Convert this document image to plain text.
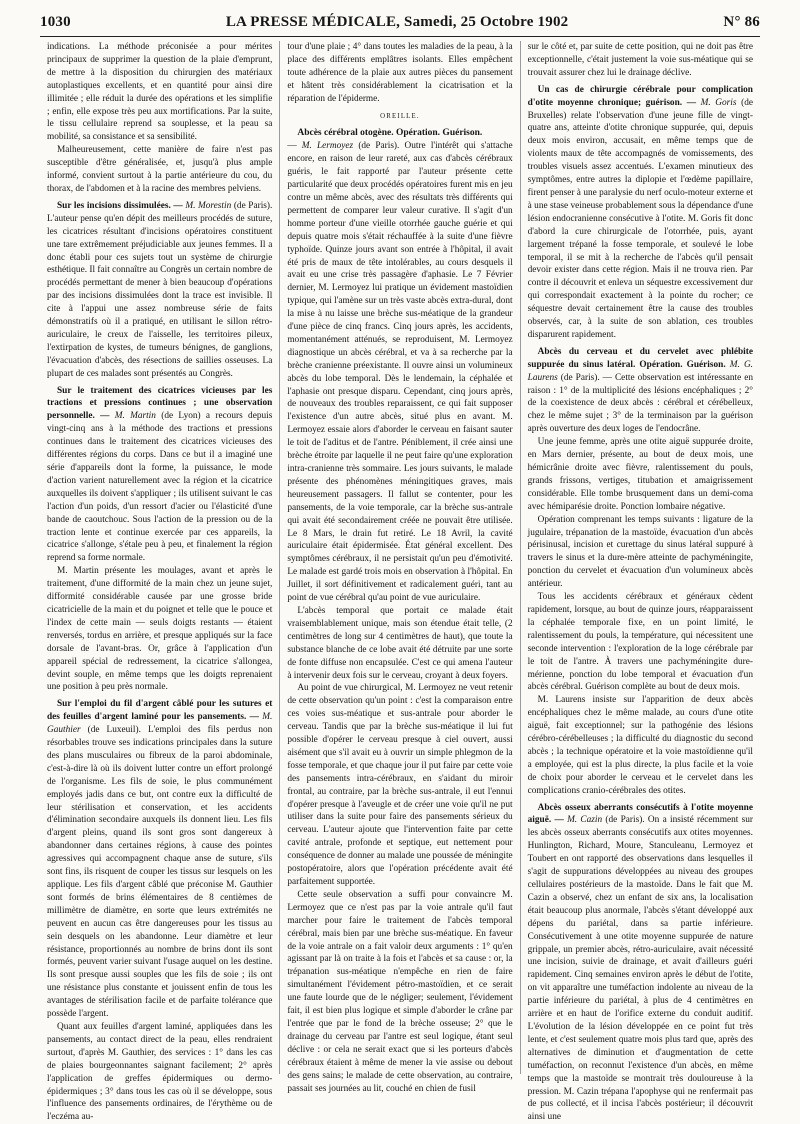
1030	LA PRESSE MÉDICALE, Samedi, 25 Octobre 1902	N° 86

indications. La méthode préconisée a pour mérites principaux de supprimer la question de la plaie d'emprunt, de mettre à la disposition du chirurgien des matériaux autoplastiques excellents, et en quantité pour ainsi dire illimitée ; elle réduit la durée des opérations et les simplifie ; enfin, elle expose très peu aux mortifications. Par la suite, le tissu cellulaire reprend sa souplesse, et la peau sa mobilité, sa consistance et sa sensibilité.

Malheureusement, cette manière de faire n'est pas susceptible d'être généralisée, et, jusqu'à plus ample informé, convient surtout à la partie antérieure du cou, du thorax, de l'abdomen et à la racine des membres pelviens.

Sur les incisions dissimulées. — M. Morestin (de Paris). L'auteur pense qu'en dépit des meilleurs procédés de suture, les cicatrices résultant d'incisions opératoires constituent une tare extrêmement préjudiciable aux jeunes femmes. Il a donc établi pour ces sujets tout un système de chirurgie esthétique. Il fait connaître au Congrès un certain nombre de procédés permettant de mener à bien beaucoup d'opérations par des incisions dissimulées dont la trace est invisible. Il cite à l'appui une assez nombreuse série de faits démonstratifs où il a pratiqué, en utilisant le sillon rétro-auriculaire, le creux de l'aisselle, les territoires pileux, l'extirpation de kystes, de tumeurs bénignes, de ganglions, l'évacuation d'abcès, des résections de saillies osseuses. La plupart de ces malades sont présentés au Congrès.

Sur le traitement des cicatrices vicieuses par les tractions et pressions continues ; une observation personnelle. — M. Martin (de Lyon) a recours depuis vingt-cinq ans à la méthode des tractions et pressions continues dans le traitement des cicatrices vicieuses des différentes régions du corps. Dans ce but il a imaginé une série d'appareils dont la forme, la puissance, le mode d'action varient naturellement avec la région et la cicatrice auxquelles ils doivent s'appliquer ; ils utilisent suivant le cas l'action d'un poids, d'un ressort d'acier ou l'élasticité d'une bande de caoutchouc. Sous l'action de la pression ou de la traction lente et continue exercée par ces appareils, la cicatrice s'allonge, s'étale peu à peu, et finalement la région reprend sa forme normale.

M. Martin présente les moulages, avant et après le traitement, d'une difformité de la main chez un jeune sujet, difformité considérable causée par une grosse bride cicatricielle de la main et du poignet et telle que le pouce et l'index de cette main — seuls doigts restants — étaient renversés, tordus en arrière, et presque appliqués sur la face dorsale de l'avant-bras. Or, grâce à l'application d'un appareil spécial de redressement, la cicatrice s'allongea, devint souple, en même temps que les doigts reprenaient une position à peu près normale.

Sur l'emploi du fil d'argent câblé pour les sutures et des feuilles d'argent laminé pour les pansements. — M. Gauthier (de Luxeuil). L'emploi des fils perdus non résorbables trouve ses indications principales dans la suture des plans musculaires ou fibreux de la paroi abdominale, c'est-à-dire là où ils doivent lutter contre un effort prolongé de l'organisme. Les fils de soie, le plus communément employés jadis dans ce but, ont contre eux la difficulté de leur stérilisation et conservation, et les accidents d'élimination secondaire auxquels ils donnent lieu. Les fils d'argent pleins, quand ils sont gros sont dangereux à abandonner dans certaines régions, à cause des pointes agressives qui accompagnent chaque anse de suture, s'ils sont fins, ils risquent de couper les tissus sur lesquels on les applique. Les fils d'argent câblé que préconise M. Gauthier sont formés de brins élémentaires de 8 centièmes de millimètre de diamètre, en sorte que leurs extrémités ne peuvent en aucun cas être dangereuses pour les tissus au sein desquels on les abandonne. Leur diamètre et leur résistance, proportionnés au nombre de brins dont ils sont formés, peuvent varier suivant l'usage auquel on les destine. Ils sont presque aussi souples que les fils de soie ; ils ont une résistance plus constante et jouissent enfin de tous les avantages de stérilisation facile et de parfaite tolérance que possède l'argent.

Quant aux feuilles d'argent laminé, appliquées dans les pansements, au contact direct de la peau, elles rendraient surtout, d'après M. Gauthier, des services : 1° dans les cas de plaies bourgeonnantes saignant facilement; 2° après l'application de greffes épidermiques ou dermo-épidermiques ; 3° dans tous les cas où il se développe, sous l'influence des pansements ordinaires, de l'érythème ou de l'eczéma au-

tour d'une plaie ; 4° dans toutes les maladies de la peau, à la place des différents emplâtres isolants. Elles empêchent toute adhérence de la plaie aux autres pièces du pansement et hâtent très considérablement la cicatrisation et la réparation de l'épiderme.

OREILLE.

Abcès cérébral otogène. Opération. Guérison.

— M. Lermoyez (de Paris). Outre l'intérêt qui s'attache encore, en raison de leur rareté, aux cas d'abcès cérébraux guéris, le fait rapporté par l'auteur présente cette particularité que deux procédés opératoires furent mis en jeu contre un même abcès, avec des résultats très différents qui permettent de comparer leur valeur curative. Il s'agit d'un homme porteur d'une vieille otorrhée gauche guérie et qui depuis quatre mois s'était réchauffée à la suite d'une fièvre typhoïde. Quinze jours avant son entrée à l'hôpital, il avait été pris de maux de tête intolérables, au cours desquels il avait eu une crise très passagère d'aphasie. Le 7 Février dernier, M. Lermoyez lui pratique un évidement mastoïdien typique, qui l'amène sur un très vaste abcès extra-dural, dont la mise à nu laisse une brèche sus-méatique de la grandeur d'une pièce de cinq francs. Cinq jours après, les accidents, momentanément atténués, se reproduisent, M. Lermoyez diagnostique un abcès cérébral, et va à sa recherche par la brèche cranienne préexistante. Il ouvre ainsi un volumineux abcès du lobe temporal. Dès le lendemain, la céphalée et l'aphasie ont presque disparu. Cependant, cinq jours après, de nouveaux des troubles reparaissent, ce qui fait supposer l'existence d'un autre abcès, situé plus en avant. M. Lermoyez essaie alors d'aborder le cerveau en faisant sauter le toit de l'aditus et de l'antre. Péniblement, il crée ainsi une brèche étroite par laquelle il ne peut faire qu'une exploration intra-cranienne très sommaire. Les jours suivants, le malade présente des phénomènes méningitiques graves, mais heureusement passagers. Il fallut se contenter, pour les pansements, de la voie temporale, car la brèche sus-antrale qui avait été secondairement créée ne pouvait être utilisée. Le 8 Mars, le drain fut retiré. Le 18 Avril, la cavité auriculaire était épidermisée. État général excellent. Des symptômes cérébraux, il ne persistait qu'un peu d'émotivité. Le malade est gardé trois mois en observation à l'hôpital. En Juillet, il sort définitivement et radicalement guéri, tant au point de vue cérébral qu'au point de vue auriculaire.

L'abcès temporal que portait ce malade était vraisemblablement unique, mais son étendue était telle, (2 centimètres de long sur 4 centimètres de haut), que toute la substance blanche de ce lobe avait été détruite par une sorte de fonte diffuse non encapsulée. C'est ce qui amena l'auteur à intervenir deux fois sur le cerveau, croyant à deux foyers.

Au point de vue chirurgical, M. Lermoyez ne veut retenir de cette observation qu'un point : c'est la comparaison entre ces voies sus-méatique et sus-antrale pour aborder le cerveau. Tandis que par la brèche sus-méatique il lui fut possible d'opérer le cerveau presque à ciel ouvert, aussi aisément que s'il avait eu à ouvrir un simple phlegmon de la fosse temporale, et que chaque jour il put faire par cette voie des pansements intra-cérébraux, en s'aidant du miroir frontal, au contraire, par la brèche sus-antrale, il eut l'ennui d'opérer presque à l'aveugle et de créer une voie qu'il ne put utiliser dans la suite pour faire des pansements sérieux du cerveau. L'auteur ajoute que l'intervention faite par cette cavité antrale, profonde et septique, eut nettement pour conséquence de donner au malade une poussée de méningite postopératoire, alors que l'opération précédente avait été parfaitement supportée.

Cette seule observation a suffi pour convaincre M. Lermoyez que ce n'est pas par la voie antrale qu'il faut marcher pour faire le traitement de l'abcès temporal cérébral, mais bien par une brèche sus-méatique. En faveur de la voie antrale on a fait valoir deux arguments : 1° qu'en agissant par là on traite à la fois et l'abcès et sa cause : or, la trépanation sus-méatique n'empêche en rien de faire simultanément l'évidement pétro-mastoïdien, et ce serait une faute lourde que de le négliger; seulement, l'évidement fait, il est bien plus logique et simple d'aborder le crâne par l'entrée que par le fond de la brèche osseuse; 2° que le drainage du cerveau par l'antre est seul logique, étant seul déclive : or cela ne serait exact que si les porteurs d'abcès cérébraux étaient à même de mener la vie assise ou debout des gens sains; le malade de cette observation, au contraire, passait ses journées au lit, couché en chien de fusil

sur le côté et, par suite de cette position, qui ne doit pas être exceptionnelle, c'était justement la voie sus-méatique qui se trouvait assurer chez lui le drainage déclive.

Un cas de chirurgie cérébrale pour complication d'otite moyenne chronique; guérison. — M. Goris (de Bruxelles) relate l'observation d'une jeune fille de vingt-quatre ans, atteinte d'otite chronique suppurée, qui, depuis deux mois environ, accusait, en même temps que de violents maux de tête accompagnés de vomissements, des troubles visuels assez accentués. L'examen minutieux des symptômes, entre autres la diplopie et l'œdème papillaire, firent penser à une paralysie du nerf oculo-moteur externe et à une stase veineuse probablement sous la dépendance d'une lésion endocranienne consécutive à l'otite. M. Goris fit donc d'abord la cure chirurgicale de l'otorrhée, puis, ayant largement trépané la fosse temporale, et soulevé le lobe temporal, il se mit à la recherche de l'abcès qu'il pensait devoir exister dans cette région. Mais il ne trouva rien. Par contre il découvrit et enleva un séquestre excessivement dur qui correspondait exactement à la pointe du rocher; ce séquestre devait certainement être la cause des troubles observés, car, à la suite de son ablation, ces troubles disparurent rapidement.

Abcès du cerveau et du cervelet avec phlébite suppurée du sinus latéral. Opération. Guérison. M. G. Laurens (de Paris). — Cette observation est intéressante en raison : 1° de la multiplicité des lésions encéphaliques ; 2° de la coexistence de deux abcès : cérébral et cérébelleux, chez le même sujet ; 3° de la terminaison par la guérison après ouverture des deux loges de l'endocrâne.

Une jeune femme, après une otite aiguë suppurée droite, en Mars dernier, présente, au bout de deux mois, une hémicrânie droite avec fièvre, ralentissement du pouls, grands frissons, vertiges, titubation et amaigrissement considérable. Elle tombe brusquement dans un demi-coma avec hémiparésie droite. Ponction lombaire négative.

Opération comprenant les temps suivants : ligature de la jugulaire, trépanation de la mastoïde, évacuation d'un abcès périsinusal, incision et curettage du sinus latéral suppuré à travers le sinus et la dure-mère atteinte de pachyméningite, ponction du cervelet et évacuation d'un volumineux abcès antérieur.

Tous les accidents cérébraux et généraux cèdent rapidement, lorsque, au bout de quinze jours, réapparaissent la céphalée temporale fixe, en un point limité, le ralentissement du pouls, la température, qui nécessitent une seconde intervention : l'exploration de la loge cérébrale par le toit de l'antre. À travers une pachyméningite dure-mérienne, ponction du lobe temporal et évacuation d'un abcès cérébral. Guérison complète au bout de deux mois.

M. Laurens insiste sur l'apparition de deux abcès encéphaliques chez le même malade, au cours d'une otite aiguë, fait exceptionnel; sur la pathogénie des lésions cérébro-cérébelleuses ; la difficulté du diagnostic du second abcès ; la technique opératoire et la voie mastoïdienne qu'il a employée, qui est la plus directe, la plus facile et la voie de choix pour aborder le cerveau et le cervelet dans les complications cranio-cérébrales des otites.

Abcès osseux aberrants consécutifs à l'otite moyenne aiguë. — M. Cazin (de Paris). On a insisté récemment sur les abcès osseux aberrants consécutifs aux otites moyennes. Hunlington, Richard, Moure, Stanculeanu, Lermoyez et Toubert en ont rapporté des observations dans lesquelles il s'agit de suppurations développées au niveau des groupes cellulaires postérieurs de la mastoïde. Dans le fait que M. Cazin a observé, chez un enfant de six ans, la localisation était beaucoup plus anormale, l'abcès s'étant développé aux dépens du pariétal, dans sa partie inférieure. Consécutivement à une otite moyenne suppurée de nature grippale, un premier abcès, rétro-auriculaire, avait nécessité une incision, suivie de drainage, et avait d'ailleurs guéri rapidement. Cinq semaines environ après le début de l'otite, on vit apparaître une tuméfaction indolente au niveau de la partie inférieure du pariétal, à plus de 4 centimètres en arrière et en haut de l'orifice externe du conduit auditif. L'évolution de la lésion développée en ce point fut très lente, et c'est seulement quatre mois plus tard que, après des alternatives de diminution et d'augmentation de cette tuméfaction, on reconnut l'existence d'un abcès, en même temps que la mastoïde se montrait très douloureuse à la pression. M. Cazin trépana l'apophyse qui ne renfermait pas de pus collecté, et il incisa l'abcès postérieur; il découvrit ainsi une
